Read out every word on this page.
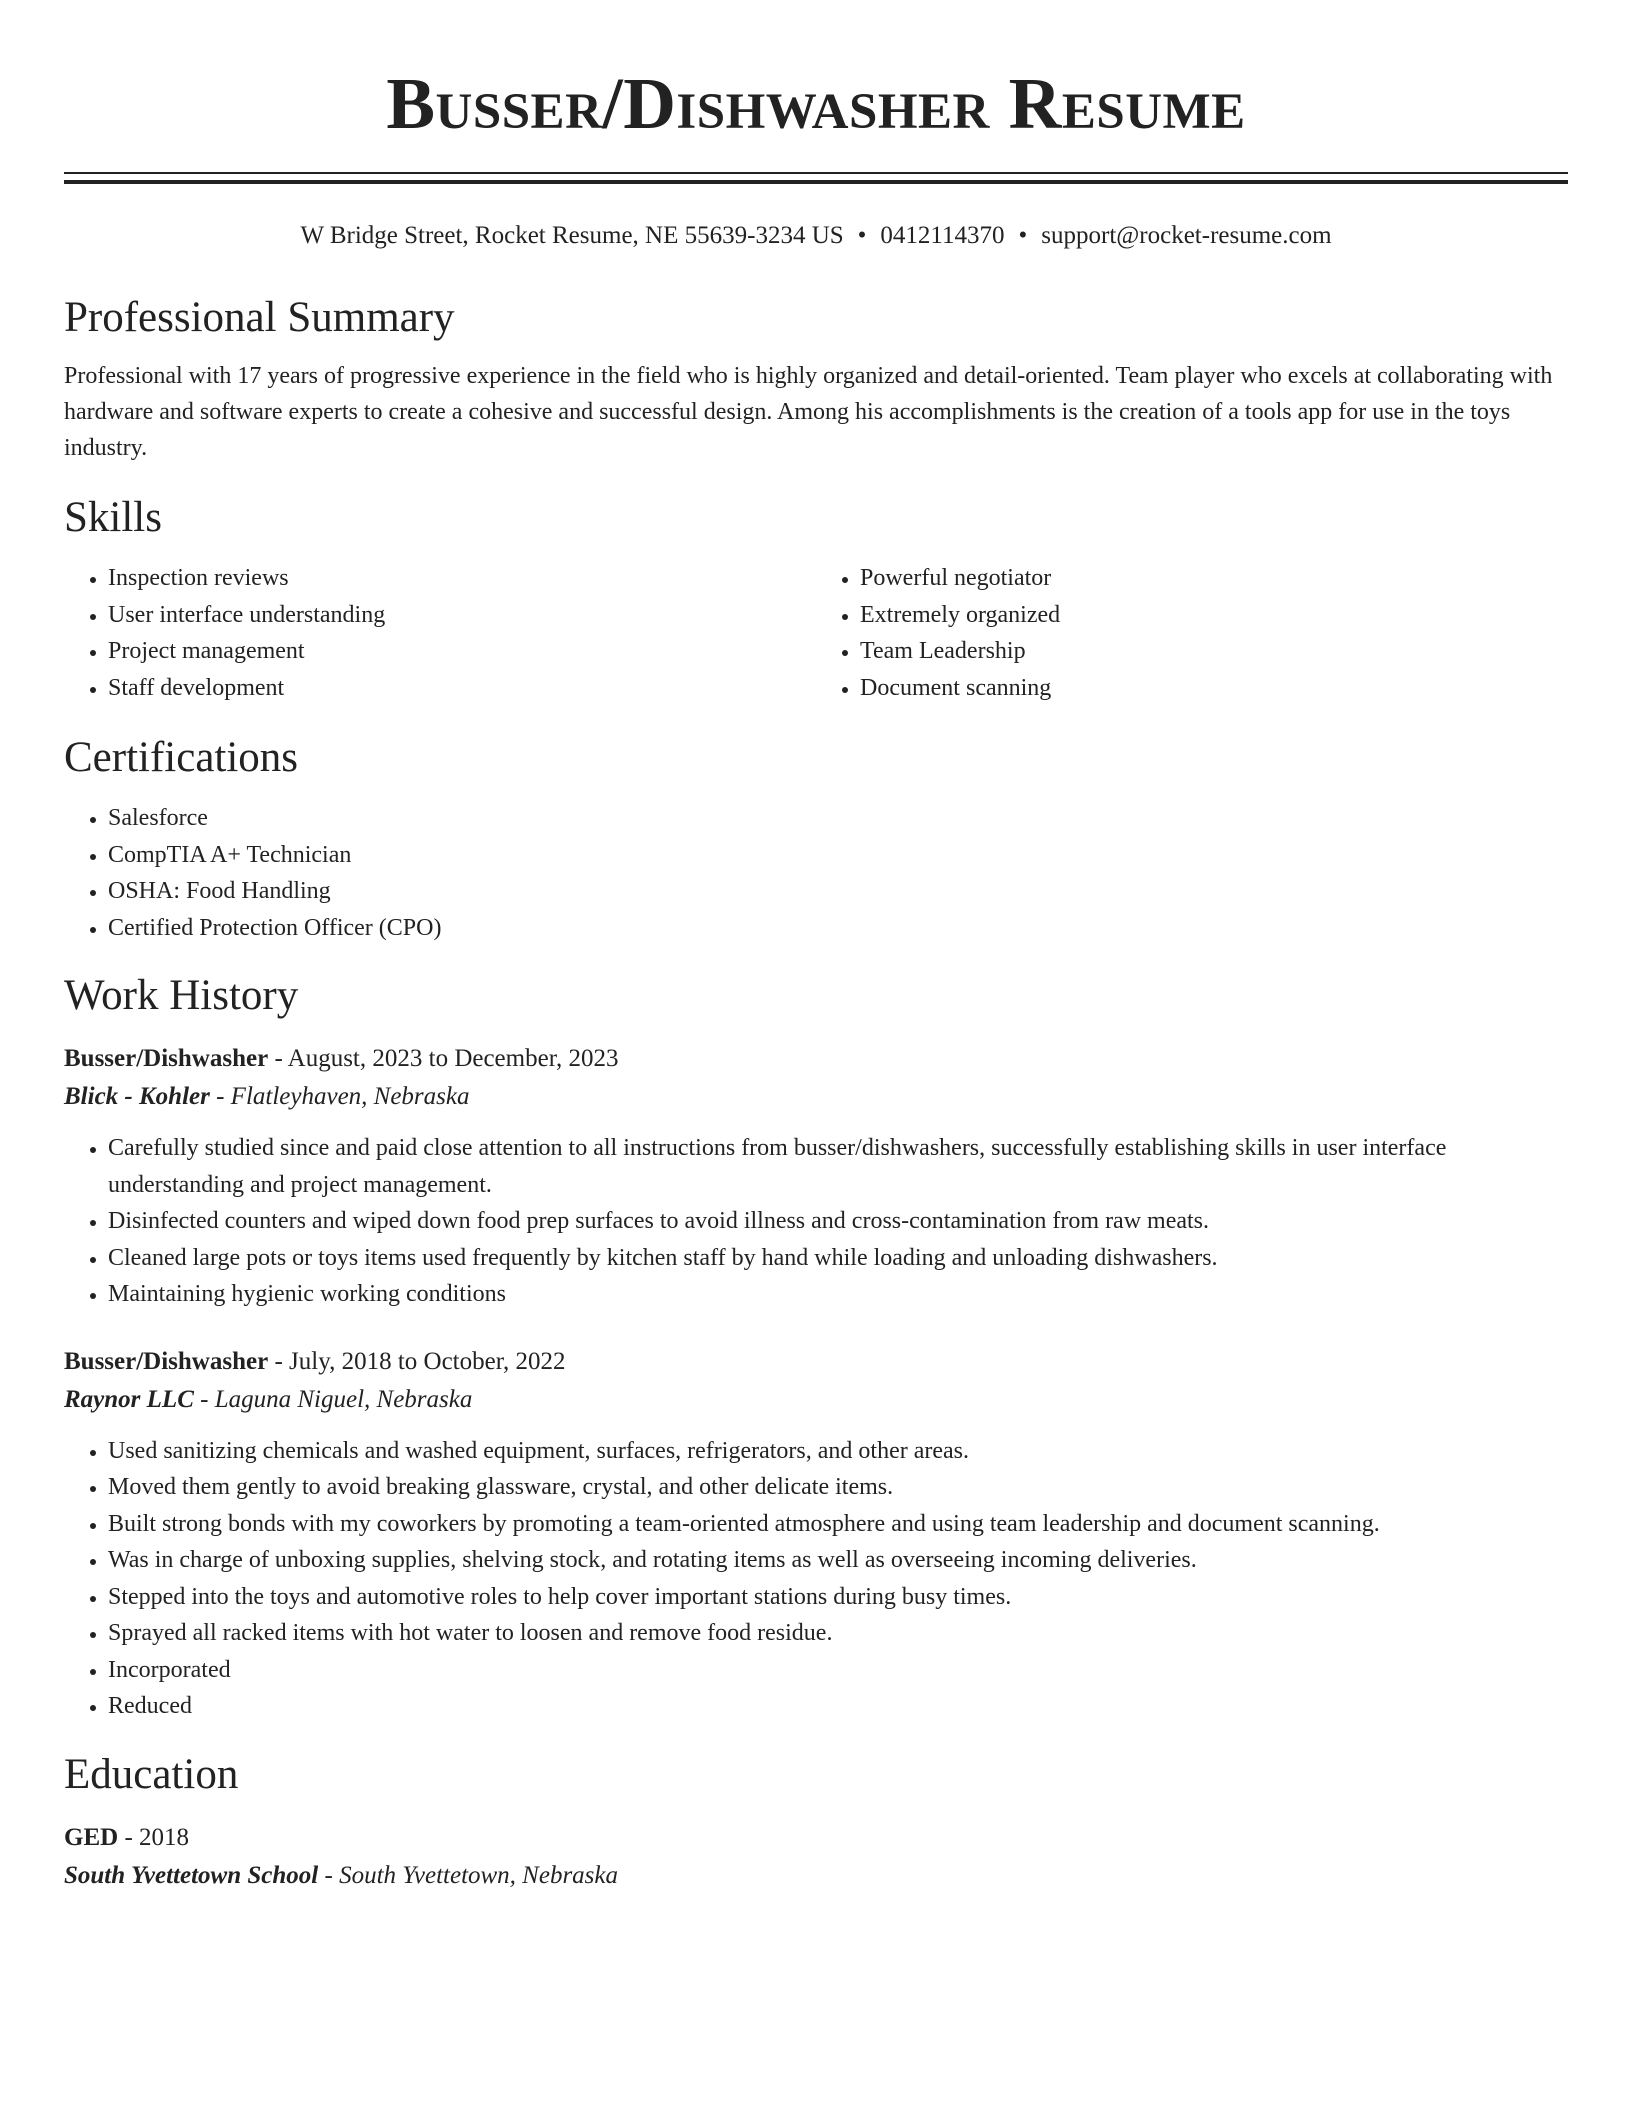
Busser/Dishwasher Resume
W Bridge Street, Rocket Resume, NE 55639-3234 US • 0412114370 • support@rocket-resume.com
Professional Summary

Professional with 17 years of progressive experience in the field who is highly organized and detail-oriented. Team player who excels at collaborating with hardware and software experts to create a cohesive and successful design. Among his accomplishments is the creation of a tools app for use in the toys industry.

Skills
• Inspection reviews
• User interface understanding
• Project management
• Staff development
• Powerful negotiator
• Extremely organized
• Team Leadership
• Document scanning
Certifications
• Salesforce
• CompTIA A+ Technician
• OSHA: Food Handling
• Certified Protection Officer (CPO)
Work History
Busser/Dishwasher - August, 2023 to December, 2023
Blick - Kohler - Flatleyhaven, Nebraska
• Carefully studied since and paid close attention to all instructions from busser/dishwashers, successfully establishing skills in user interface understanding and project management.
• Disinfected counters and wiped down food prep surfaces to avoid illness and cross-contamination from raw meats.
• Cleaned large pots or toys items used frequently by kitchen staff by hand while loading and unloading dishwashers.
• Maintaining hygienic working conditions
Busser/Dishwasher - July, 2018 to October, 2022
Raynor LLC - Laguna Niguel, Nebraska
• Used sanitizing chemicals and washed equipment, surfaces, refrigerators, and other areas.
• Moved them gently to avoid breaking glassware, crystal, and other delicate items.
• Built strong bonds with my coworkers by promoting a team-oriented atmosphere and using team leadership and document scanning.
• Was in charge of unboxing supplies, shelving stock, and rotating items as well as overseeing incoming deliveries.
• Stepped into the toys and automotive roles to help cover important stations during busy times.
• Sprayed all racked items with hot water to loosen and remove food residue.
• Incorporated
• Reduced
Education
GED - 2018
South Yvettetown School - South Yvettetown, Nebraska
